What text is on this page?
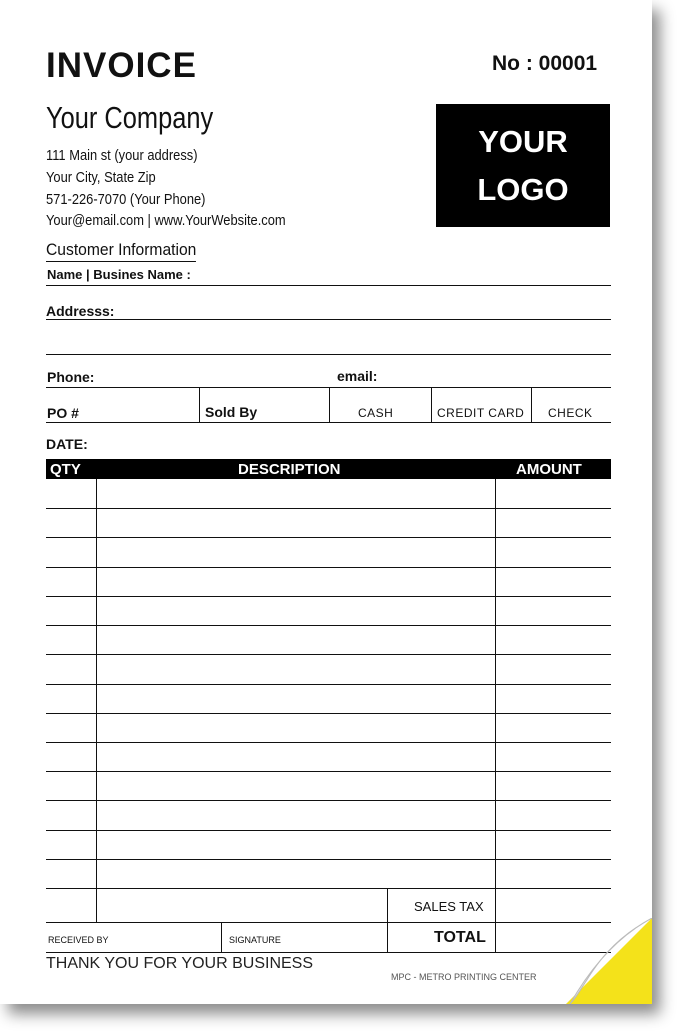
INVOICE	No : 00001
Your Company
111 Main st (your address)
Your City, State Zip
571-226-7070 (Your Phone)
Your@email.com | www.YourWebsite.com
YOUR
LOGO
Customer Information
Name | Busines Name :
Addresss:
Phone:	email:
PO #	Sold By	CASH	CREDIT CARD CHECK
DATE:
QTY	DESCRIPTION	AMOUNT
SALES TAX
RECEIVED BY	SIGNATURE	TOTAL
THANK YOU FOR YOUR BUSINESS
MPC - METRO PRINTING CENTER
